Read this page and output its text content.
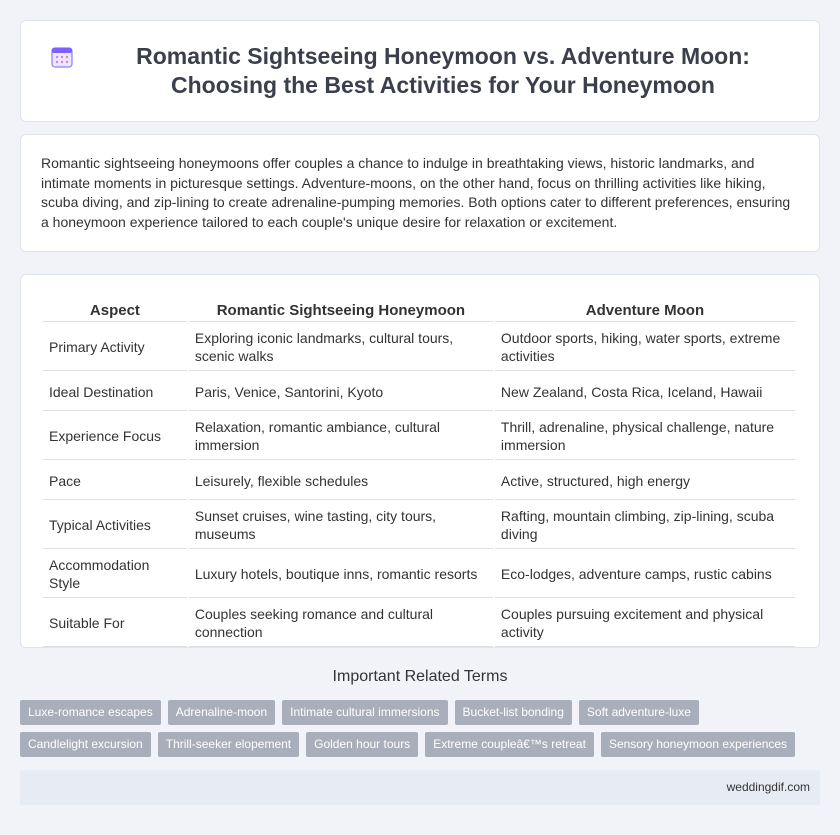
Romantic Sightseeing Honeymoon vs. Adventure Moon: Choosing the Best Activities for Your Honeymoon

Romantic sightseeing honeymoons offer couples a chance to indulge in breathtaking views, historic landmarks, and intimate moments in picturesque settings. Adventure-moons, on the other hand, focus on thrilling activities like hiking, scuba diving, and zip-lining to create adrenaline-pumping memories. Both options cater to different preferences, ensuring a honeymoon experience tailored to each couple's unique desire for relaxation or excitement.

Aspect	Romantic Sightseeing Honeymoon	Adventure Moon
Primary Activity	Exploring iconic landmarks, cultural tours, scenic walks	Outdoor sports, hiking, water sports, extreme activities
Ideal Destination	Paris, Venice, Santorini, Kyoto	New Zealand, Costa Rica, Iceland, Hawaii
Experience Focus	Relaxation, romantic ambiance, cultural immersion	Thrill, adrenaline, physical challenge, nature immersion
Pace	Leisurely, flexible schedules	Active, structured, high energy
Typical Activities	Sunset cruises, wine tasting, city tours, museums	Rafting, mountain climbing, zip-lining, scuba diving
Accommodation Style	Luxury hotels, boutique inns, romantic resorts	Eco-lodges, adventure camps, rustic cabins
Suitable For	Couples seeking romance and cultural connection	Couples pursuing excitement and physical activity
Important Related Terms
Luxe-romance escapes	Adrenaline-moon	Intimate cultural immersions	Bucket-list bonding	Soft adventure-luxe
Candlelight excursion	Thrill-seeker elopement	Golden hour tours	Extreme coupleâ€™s retreat	Sensory honeymoon experiences
weddingdif.com
